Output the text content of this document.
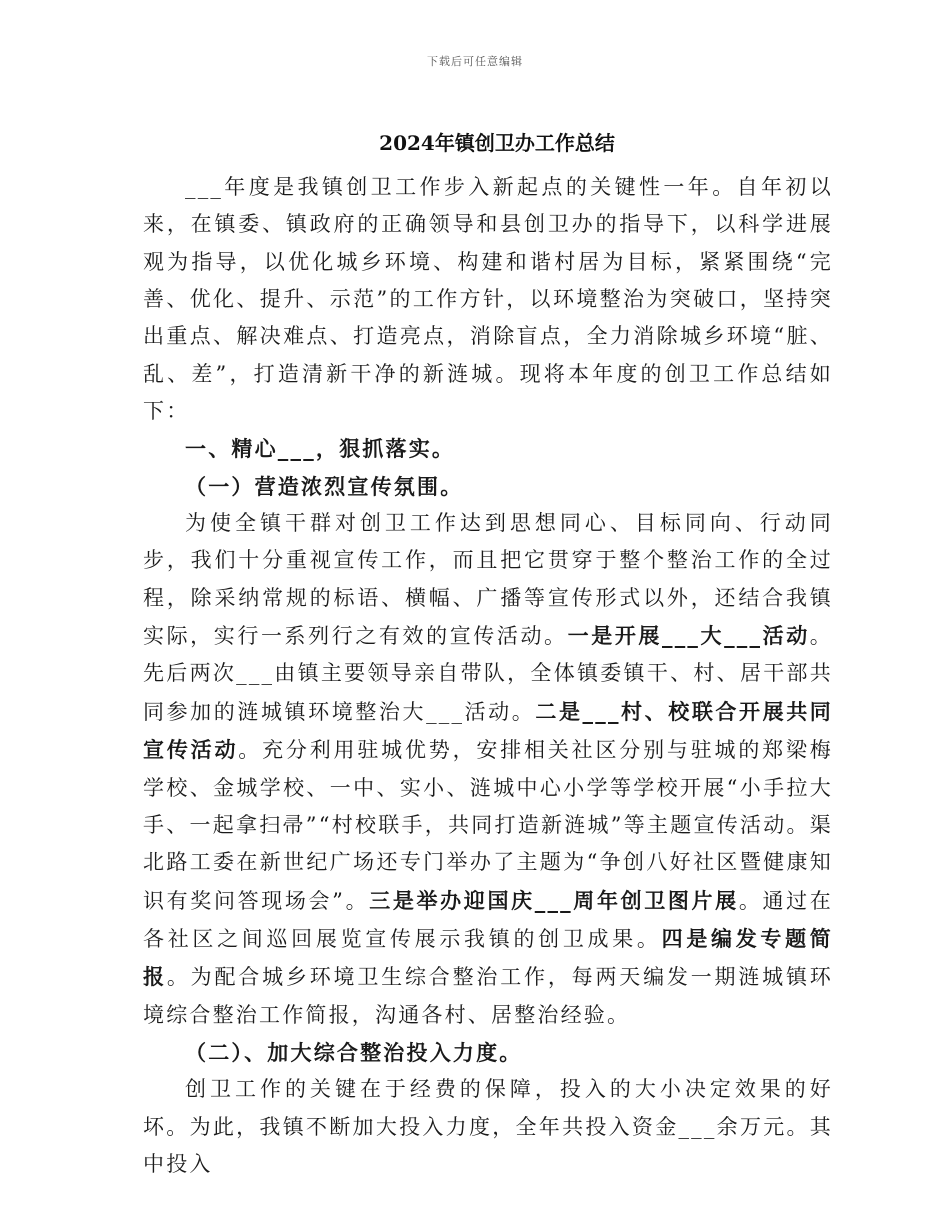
下载后可任意编辑
2024年镇创卫办工作总结

___年度是我镇创卫工作步入新起点的关键性一年。自年初以来，在镇委、镇政府的正确领导和县创卫办的指导下，以科学进展观为指导，以优化城乡环境、构建和谐村居为目标，紧紧围绕“完善、优化、提升、示范”的工作方针，以环境整治为突破口，坚持突出重点、解决难点、打造亮点，消除盲点，全力消除城乡环境“脏、乱、差”，打造清新干净的新涟城。现将本年度的创卫工作总结如下：

一、精心___，狠抓落实。

（一）营造浓烈宣传氛围。

为使全镇干群对创卫工作达到思想同心、目标同向、行动同步，我们十分重视宣传工作，而且把它贯穿于整个整治工作的全过程，除采纳常规的标语、横幅、广播等宣传形式以外，还结合我镇实际，实行一系列行之有效的宣传活动。一是开展___大___活动。先后两次___由镇主要领导亲自带队，全体镇委镇干、村、居干部共同参加的涟城镇环境整治大___活动。二是___村、校联合开展共同宣传活动。充分利用驻城优势，安排相关社区分别与驻城的郑梁梅学校、金城学校、一中、实小、涟城中心小学等学校开展“小手拉大手、一起拿扫帚”“村校联手，共同打造新涟城”等主题宣传活动。渠北路工委在新世纪广场还专门举办了主题为“争创八好社区暨健康知识有奖问答现场会”。三是举办迎国庆___周年创卫图片展。通过在各社区之间巡回展览宣传展示我镇的创卫成果。四是编发专题简报。为配合城乡环境卫生综合整治工作，每两天编发一期涟城镇环境综合整治工作简报，沟通各村、居整治经验。

（二）、加大综合整治投入力度。

创卫工作的关键在于经费的保障，投入的大小决定效果的好坏。为此，我镇不断加大投入力度，全年共投入资金___余万元。其中投入
